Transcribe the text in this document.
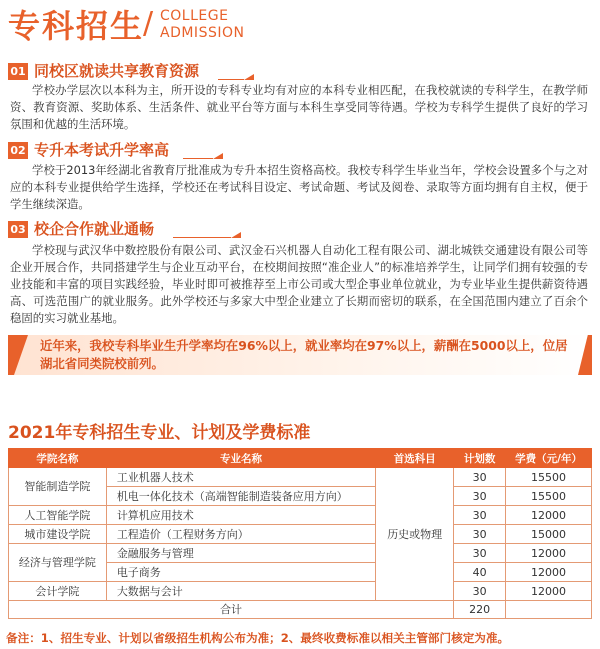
专科招生
/ COLLEGE
ADMISSION
01 同校区就读共享教育资源
学校办学层次以本科为主，所开设的专科专业均有对应的本科专业相匹配，在我校就读的专科学生，在教学师资、教育资源、奖助体系、生活条件、就业平台等方面与本科生享受同等待遇。学校为专科学生提供了良好的学习氛围和优越的生活环境。
02 专升本考试升学率高
学校于2013年经湖北省教育厅批准成为专升本招生资格高校。我校专科学生毕业当年，学校会设置多个与之对应的本科专业提供给学生选择，学校还在考试科目设定、考试命题、考试及阅卷、录取等方面均拥有自主权，便于学生继续深造。
03 校企合作就业通畅
学校现与武汉华中数控股份有限公司、武汉金石兴机器人自动化工程有限公司、湖北城铁交通建设有限公司等企业开展合作，共同搭建学生与企业互动平台，在校期间按照“准企业人”的标准培养学生，让同学们拥有较强的专业技能和丰富的项目实践经验，毕业时即可被推荐至上市公司或大型企事业单位就业，为专业毕业生提供薪资待遇高、可选范围广的就业服务。此外学校还与多家大中型企业建立了长期而密切的联系，在全国范围内建立了百余个稳固的实习就业基地。
近年来，我校专科毕业生升学率均在96%以上，就业率均在97%以上，薪酬在5000以上，位居湖北省同类院校前列。
2021年专科招生专业、计划及学费标准
学院名称	专业名称	首选科目	计划数	学费（元/年）
智能制造学院	工业机器人技术	历史或物理	30	15500
	机电一体化技术（高端智能制造装备应用方向）		30	15500
人工智能学院	计算机应用技术		30	12000
城市建设学院	工程造价（工程财务方向）		30	15000
经济与管理学院	金融服务与管理		30	12000
	电子商务		40	12000
会计学院	大数据与会计		30	12000
合计			220	
备注：1、招生专业、计划以省级招生机构公布为准；2、最终收费标准以相关主管部门核定为准。
